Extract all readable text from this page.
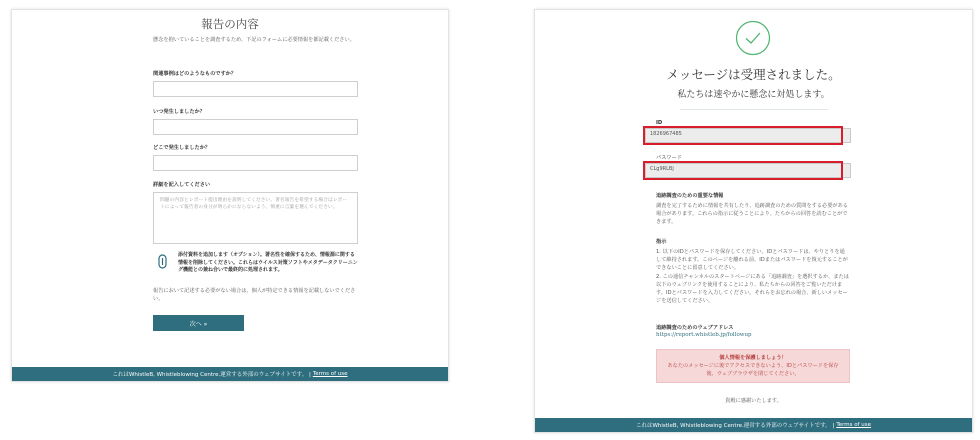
報告の内容
懸念を抱いていることを調査するため、下記のフォームに必要情報を都記載ください。
関連事例はどのようなものですか？
いつ発生しましたか？
どこで発生しましたか？
詳細を記入してください
問題の内容とレポート提出理由を説明してください。著名報告を希望する場合はレポートによって報告者の身分が明らかにならないよう、慎重に言葉を選んでください。
添付資料を追加します（オプション）。著名性を確保するため、情報源に関する情報を削除してください。これらはウイルス対策ソフトやメタデータクリーニング機能との兼ね合いで最終的に処理されます。
報告において記述する必要がない場合は、個人が特定できる情報を記載しないでください。
次へ »
これはWhistleB, Whistleblowing Centre.運営する外部のウェブサイトです。 | Terms of use
メッセージは受理されました。
私たちは速やかに懸念に対処します。
ID
1826967485
パスワード
CLg9RLBj
追跡調査のための重要な情報
調査を完了するために情報を共有したり、追跡調査のための質問をする必要がある場合があります。これらの指示に従うことにより、たちからの回答を読むことができます。
指示
1. 以下のIDとパスワードを保存してください。IDとパスワードは、やりとりを通して維持されます。このページを離れる前、IDまたはパスワードを復元することができないことに留意してください。
2. この通信チャンネルのスタートページにある「追跡調査」を選択するか、または以下のウェブリンクを使用することにより、私たちからの回答をご覧いただけます。IDとパスワードを入力してください。それらをお忘れの場合、新しいメッセージを送信してください。
追跡調査のためのウェブアドレス
https://report.whistleb.jp/followup
個人情報を保護しましょう！
あなたのメッセージに後でアクセスできないよう、IDとパスワードを保存後、ウェブブラウザを閉じてください。
貴殿に感謝いたします。
これはWhistleB, Whistleblowing Centre.運営する外部のウェブサイトです。 | Terms of use
